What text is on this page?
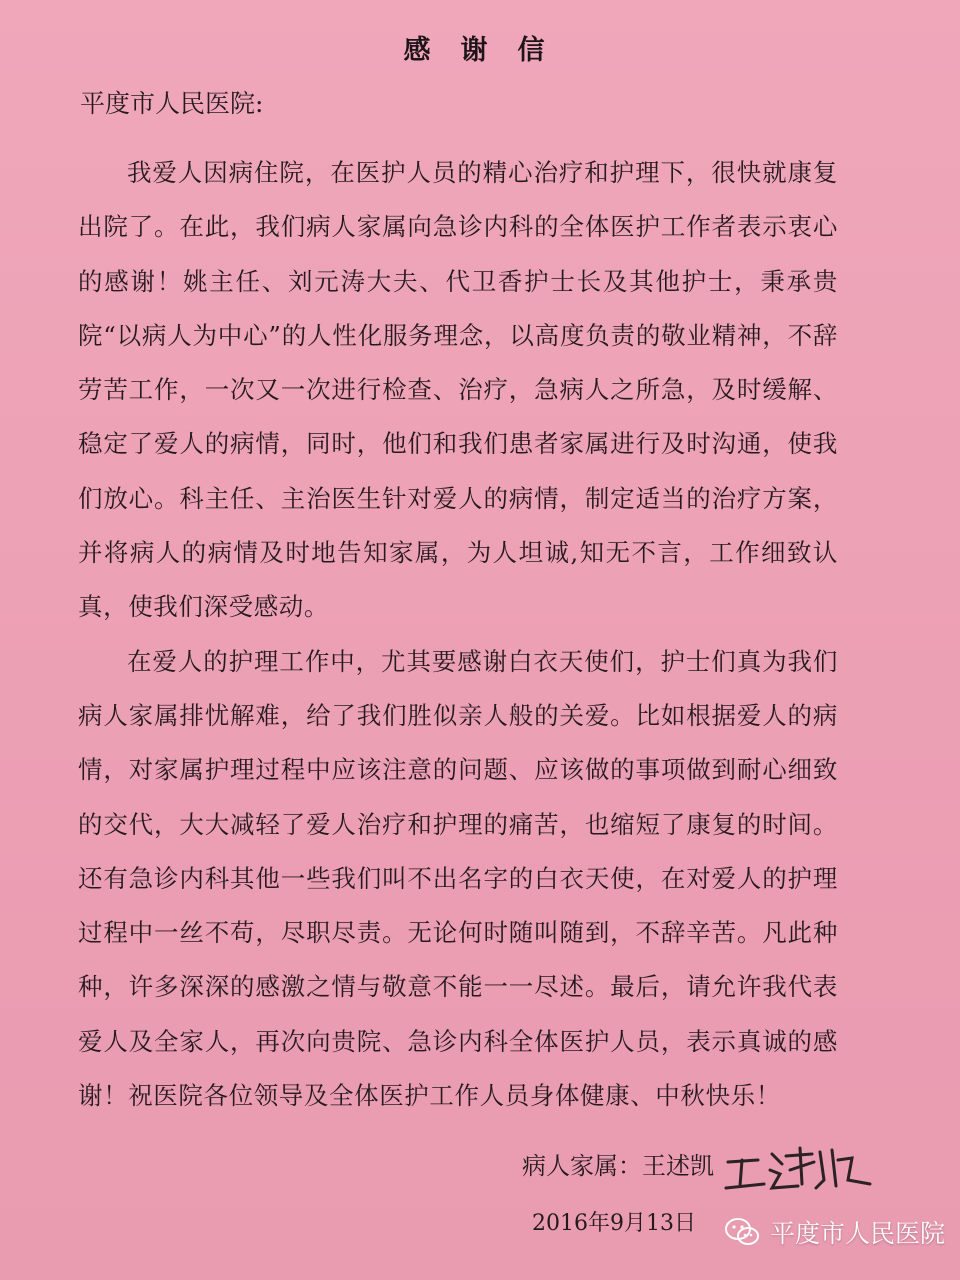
感谢信
平度市人民医院:

我爱人因病住院，在医护人员的精心治疗和护理下，很快就康复出院了。在此，我们病人家属向急诊内科的全体医护工作者表示衷心的感谢！姚主任、刘元涛大夫、代卫香护士长及其他护士，秉承贵院“以病人为中心”的人性化服务理念，以高度负责的敬业精神，不辞劳苦工作，一次又一次进行检查、治疗，急病人之所急，及时缓解、稳定了爱人的病情，同时，他们和我们患者家属进行及时沟通，使我们放心。科主任、主治医生针对爱人的病情，制定适当的治疗方案，并将病人的病情及时地告知家属，为人坦诚,知无不言，工作细致认真，使我们深受感动。

在爱人的护理工作中，尤其要感谢白衣天使们，护士们真为我们病人家属排忧解难，给了我们胜似亲人般的关爱。比如根据爱人的病情，对家属护理过程中应该注意的问题、应该做的事项做到耐心细致的交代，大大减轻了爱人治疗和护理的痛苦，也缩短了康复的时间。还有急诊内科其他一些我们叫不出名字的白衣天使，在对爱人的护理过程中一丝不苟，尽职尽责。无论何时随叫随到，不辞辛苦。凡此种种，许多深深的感激之情与敬意不能一一尽述。最后，请允许我代表爱人及全家人，再次向贵院、急诊内科全体医护人员，表示真诚的感谢！祝医院各位领导及全体医护工作人员身体健康、中秋快乐！

病人家属：王述凯
2016年9月13日	平度市人民医院
